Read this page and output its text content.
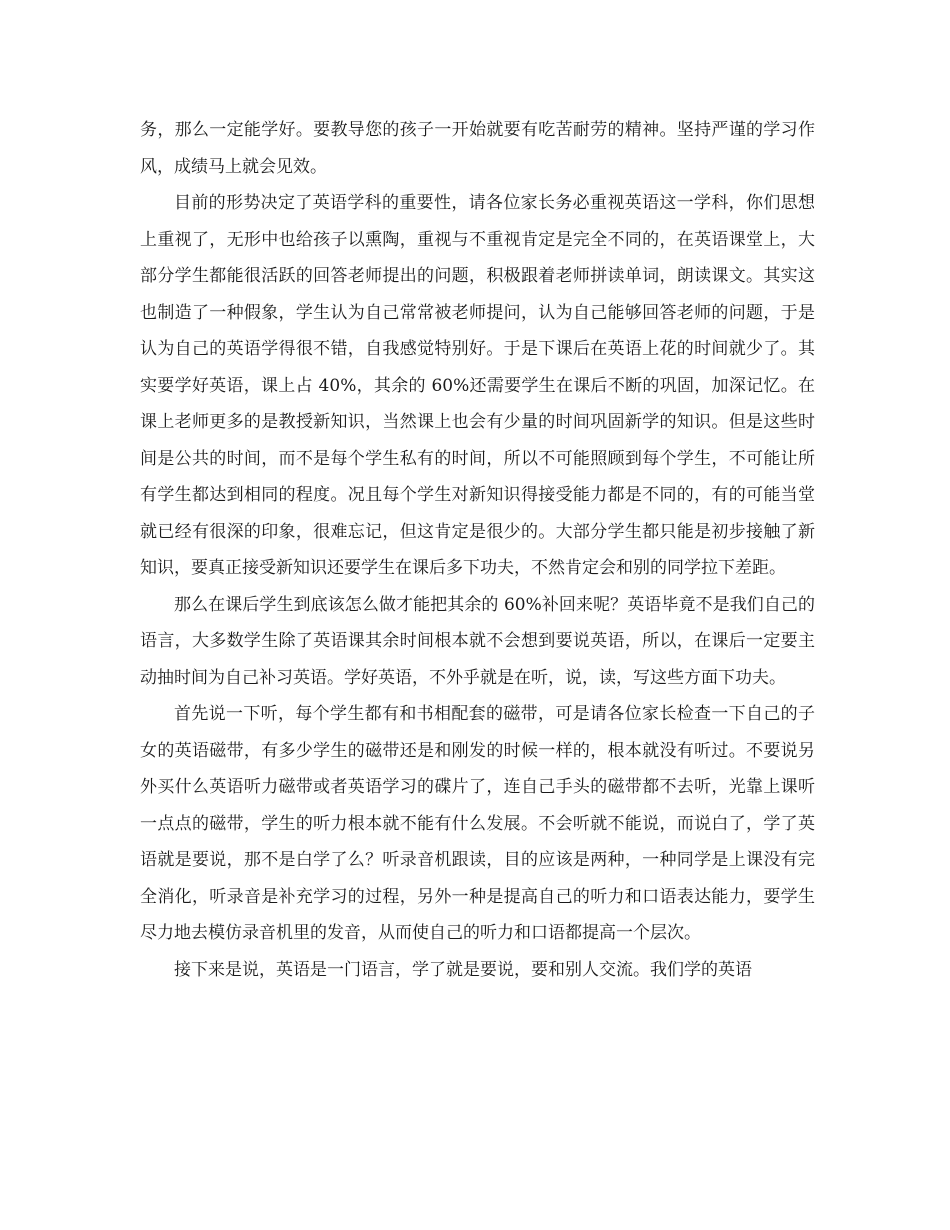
务，那么一定能学好。要教导您的孩子一开始就要有吃苦耐劳的精神。坚持严谨的学习作风，成绩马上就会见效。

目前的形势决定了英语学科的重要性，请各位家长务必重视英语这一学科，你们思想上重视了，无形中也给孩子以熏陶，重视与不重视肯定是完全不同的，在英语课堂上，大部分学生都能很活跃的回答老师提出的问题，积极跟着老师拼读单词，朗读课文。其实这也制造了一种假象，学生认为自己常常被老师提问，认为自己能够回答老师的问题，于是认为自己的英语学得很不错，自我感觉特别好。于是下课后在英语上花的时间就少了。其实要学好英语，课上占 40%，其余的 60%还需要学生在课后不断的巩固，加深记忆。在课上老师更多的是教授新知识，当然课上也会有少量的时间巩固新学的知识。但是这些时间是公共的时间，而不是每个学生私有的时间，所以不可能照顾到每个学生，不可能让所有学生都达到相同的程度。况且每个学生对新知识得接受能力都是不同的，有的可能当堂就已经有很深的印象，很难忘记，但这肯定是很少的。大部分学生都只能是初步接触了新知识，要真正接受新知识还要学生在课后多下功夫，不然肯定会和别的同学拉下差距。

那么在课后学生到底该怎么做才能把其余的 60%补回来呢？英语毕竟不是我们自己的语言，大多数学生除了英语课其余时间根本就不会想到要说英语，所以，在课后一定要主动抽时间为自己补习英语。学好英语，不外乎就是在听，说，读，写这些方面下功夫。

首先说一下听，每个学生都有和书相配套的磁带，可是请各位家长检查一下自己的子女的英语磁带，有多少学生的磁带还是和刚发的时候一样的，根本就没有听过。不要说另外买什么英语听力磁带或者英语学习的碟片了，连自己手头的磁带都不去听，光靠上课听一点点的磁带，学生的听力根本就不能有什么发展。不会听就不能说，而说白了，学了英语就是要说，那不是白学了么？听录音机跟读，目的应该是两种，一种同学是上课没有完全消化，听录音是补充学习的过程，另外一种是提高自己的听力和口语表达能力，要学生尽力地去模仿录音机里的发音，从而使自己的听力和口语都提高一个层次。

接下来是说，英语是一门语言，学了就是要说，要和别人交流。我们学的英语
